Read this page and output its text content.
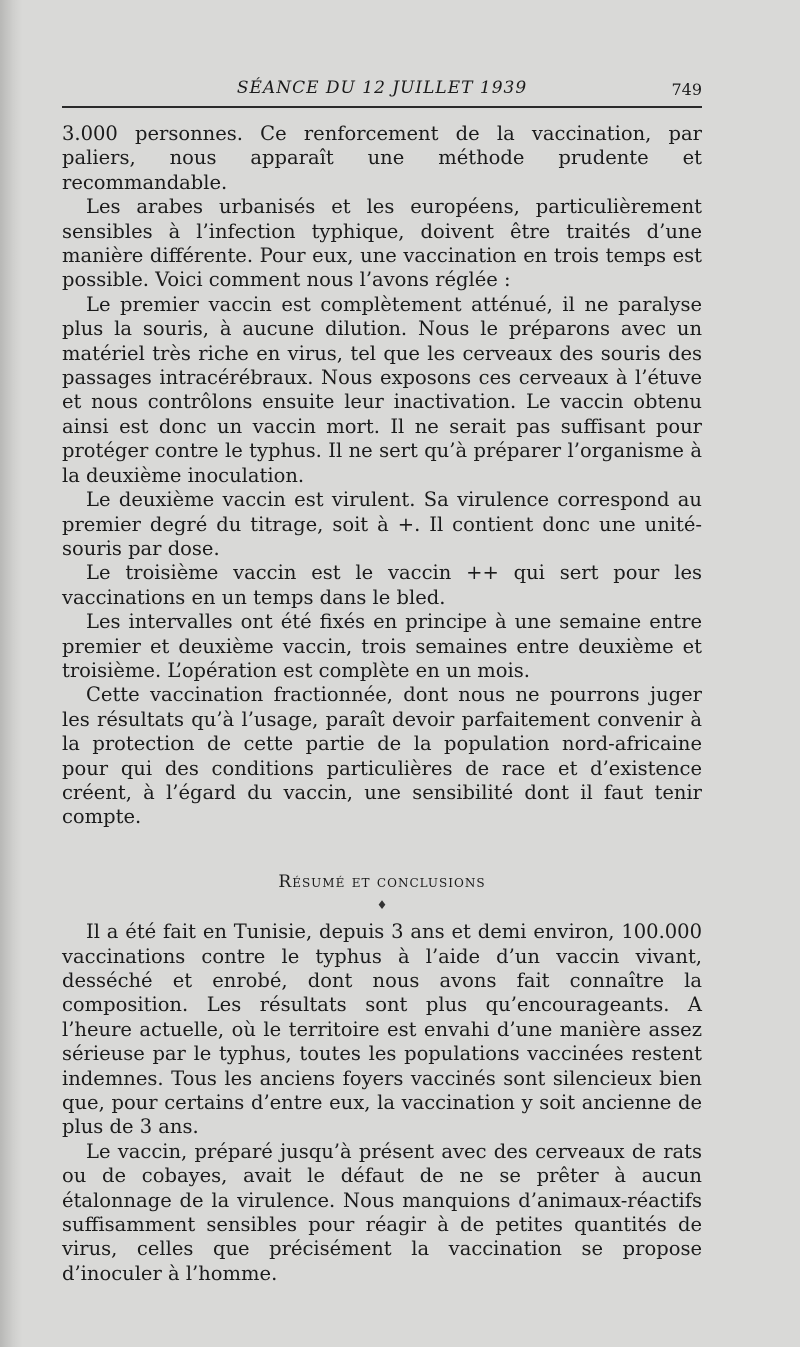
SÉANCE DU 12 JUILLET 1939	749

3.000 personnes. Ce renforcement de la vaccination, par paliers, nous apparaît une méthode prudente et recommandable.

Les arabes urbanisés et les européens, particulièrement sensibles à l’infection typhique, doivent être traités d’une manière différente. Pour eux, une vaccination en trois temps est possible. Voici comment nous l’avons réglée :

Le premier vaccin est complètement atténué, il ne paralyse plus la souris, à aucune dilution. Nous le préparons avec un matériel très riche en virus, tel que les cerveaux des souris des passages intracérébraux. Nous exposons ces cerveaux à l’étuve et nous contrôlons ensuite leur inactivation. Le vaccin obtenu ainsi est donc un vaccin mort. Il ne serait pas suffisant pour protéger contre le typhus. Il ne sert qu’à préparer l’organisme à la deuxième inoculation.

Le deuxième vaccin est virulent. Sa virulence correspond au premier degré du titrage, soit à +. Il contient donc une unité-souris par dose.

Le troisième vaccin est le vaccin ++ qui sert pour les vaccinations en un temps dans le bled.

Les intervalles ont été fixés en principe à une semaine entre premier et deuxième vaccin, trois semaines entre deuxième et troisième. L’opération est complète en un mois.

Cette vaccination fractionnée, dont nous ne pourrons juger les résultats qu’à l’usage, paraît devoir parfaitement convenir à la protection de cette partie de la population nord-africaine pour qui des conditions particulières de race et d’existence créent, à l’égard du vaccin, une sensibilité dont il faut tenir compte.

Résumé et conclusions
♦

Il a été fait en Tunisie, depuis 3 ans et demi environ, 100.000 vaccinations contre le typhus à l’aide d’un vaccin vivant, desséché et enrobé, dont nous avons fait connaître la composition. Les résultats sont plus qu’encourageants. A l’heure actuelle, où le territoire est envahi d’une manière assez sérieuse par le typhus, toutes les populations vaccinées restent indemnes. Tous les anciens foyers vaccinés sont silencieux bien que, pour certains d’entre eux, la vaccination y soit ancienne de plus de 3 ans.

Le vaccin, préparé jusqu’à présent avec des cerveaux de rats ou de cobayes, avait le défaut de ne se prêter à aucun étalonnage de la virulence. Nous manquions d’animaux-réactifs suffisamment sensibles pour réagir à de petites quantités de virus, celles que précisément la vaccination se propose d’inoculer à l’homme.
